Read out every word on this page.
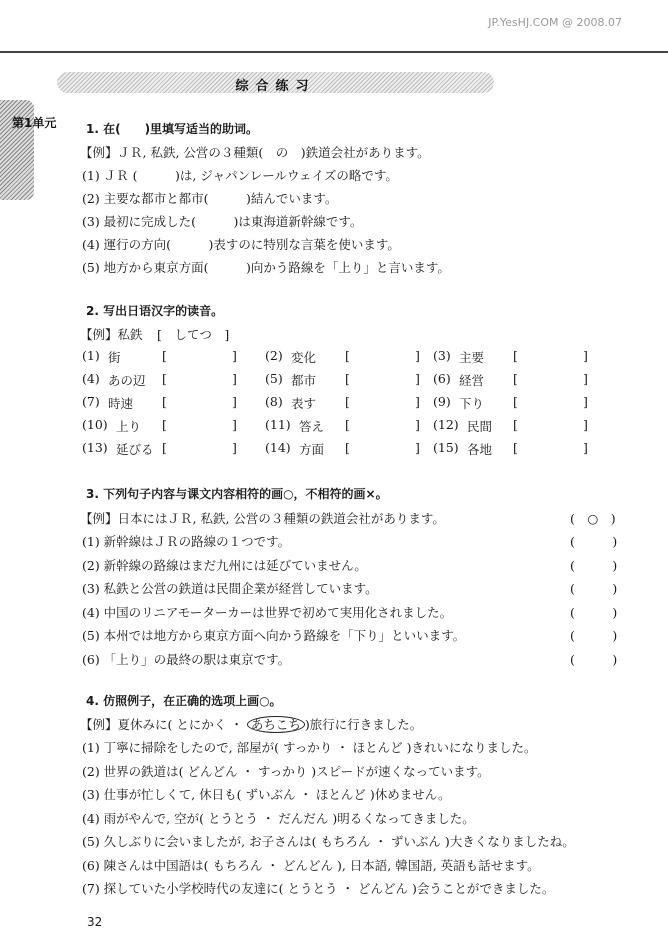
JP.YesHJ.COM @ 2008.07
综合练习
第1单元 1. 在(　　)里填写适当的助词。
【例】ＪＲ, 私鉄, 公営の３種類(　の　)鉄道会社があります。
(1) ＪＲ (　　　)は, ジャパンレールウェイズの略です。
(2) 主要な都市と都市(　　　)結んでいます。
(3) 最初に完成した(　　　)は東海道新幹線です。
(4) 運行の方向(　　　)表すのに特別な言葉を使います。
(5) 地方から東京方面(　　　)向かう路線を「上り」と言います。
2. 写出日语汉字的读音。
【例】私鉄 [　してつ　]
(1) 街	[	] (2) 変化 [	] (3) 主要 [	]
(4) あの辺 [	] (5) 都市 [	] (6) 経営 [	]
(7) 時速 [	] (8) 表す [	] (9) 下り [	]
(10) 上り [	] (11) 答え [	] (12) 民間 [	]
(13) 延びる [	] (14) 方面 [	] (15) 各地 [	]
3. 下列句子内容与课文内容相符的画○，不相符的画×。
【例】日本にはＪＲ, 私鉄, 公営の３種類の鉄道会社があります。	(　○　)
(1) 新幹線はＪＲの路線の１つです。	(　　　)
(2) 新幹線の路線はまだ九州には延びていません。	(　　　)
(3) 私鉄と公営の鉄道は民間企業が経営しています。	(　　　)
(4) 中国のリニアモーターカーは世界で初めて実用化されました。	(　　　)
(5) 本州では地方から東京方面へ向かう路線を「下り」といいます。	(　　　)
(6) 「上り」の最終の駅は東京です。	(　　　)
4. 仿照例子，在正确的选项上画○。
【例】夏休みに( とにかく ・ あちこち )旅行に行きました。
(1) 丁寧に掃除をしたので, 部屋が( すっかり ・ ほとんど )きれいになりました。
(2) 世界の鉄道は( どんどん ・ すっかり )スピードが速くなっています。
(3) 仕事が忙しくて, 休日も( ずいぶん ・ ほとんど )休めません。
(4) 雨がやんで, 空が( とうとう ・ だんだん )明るくなってきました。
(5) 久しぶりに会いましたが, お子さんは( もちろん ・ ずいぶん )大きくなりましたね。
(6) 陳さんは中国語は( もちろん ・ どんどん ), 日本語, 韓国語, 英語も話せます。
(7) 探していた小学校時代の友達に( とうとう ・ どんどん )会うことができました。
32
